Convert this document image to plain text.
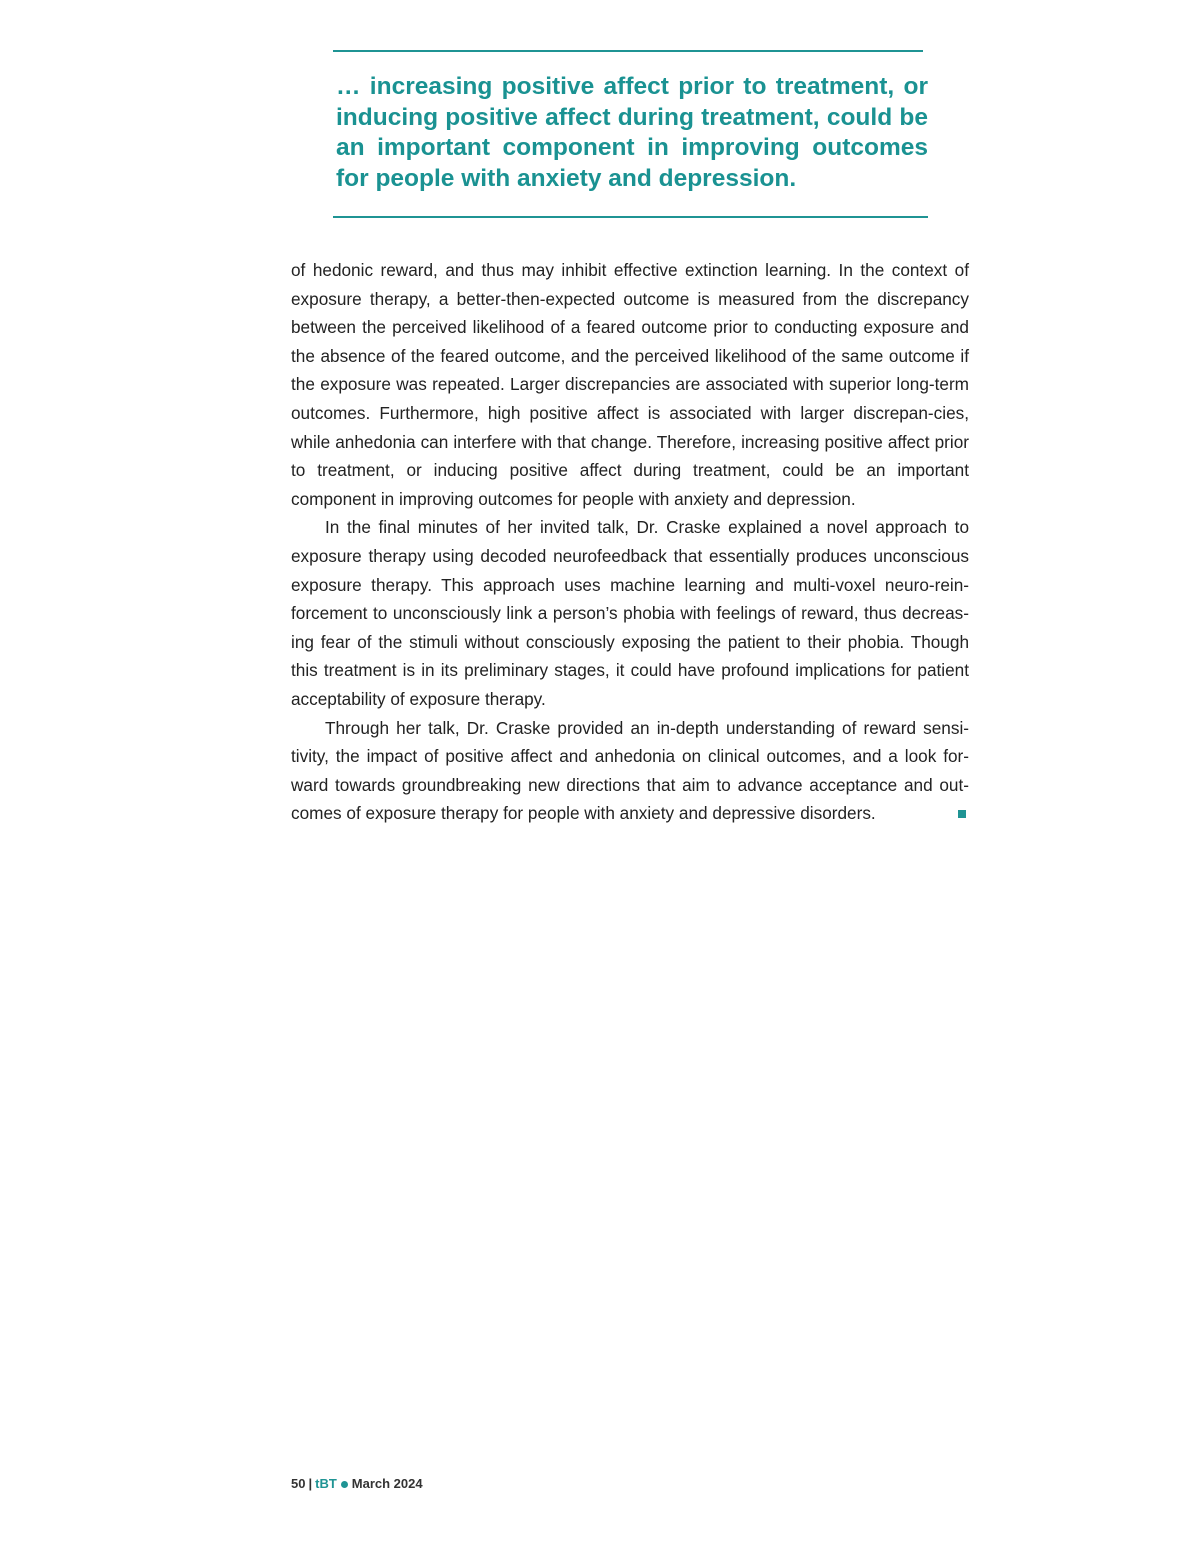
… increasing positive affect prior to treatment, or inducing positive affect during treatment, could be an important component in improving outcomes for people with anxiety and depression.

of hedonic reward, and thus may inhibit effective extinction learning. In the context of exposure therapy, a better-then-expected outcome is measured from the discrepancy between the perceived likelihood of a feared outcome prior to conducting exposure and the absence of the feared outcome, and the perceived likelihood of the same outcome if the exposure was repeated. Larger discrepancies are associated with superior long-term outcomes. Furthermore, high positive affect is associated with larger discrepan-cies, while anhedonia can interfere with that change. Therefore, increasing positive affect prior to treatment, or inducing positive affect during treatment, could be an important component in improving outcomes for people with anxiety and depression.

In the final minutes of her invited talk, Dr. Craske explained a novel approach to exposure therapy using decoded neurofeedback that essentially produces unconscious exposure therapy. This approach uses machine learning and multi-voxel neuro-rein-forcement to unconsciously link a person’s phobia with feelings of reward, thus decreas-ing fear of the stimuli without consciously exposing the patient to their phobia. Though this treatment is in its preliminary stages, it could have profound implications for patient acceptability of exposure therapy.

Through her talk, Dr. Craske provided an in-depth understanding of reward sensi-tivity, the impact of positive affect and anhedonia on clinical outcomes, and a look for-ward towards groundbreaking new directions that aim to advance acceptance and out-comes of exposure therapy for people with anxiety and depressive disorders.

50 | tBT March 2024
